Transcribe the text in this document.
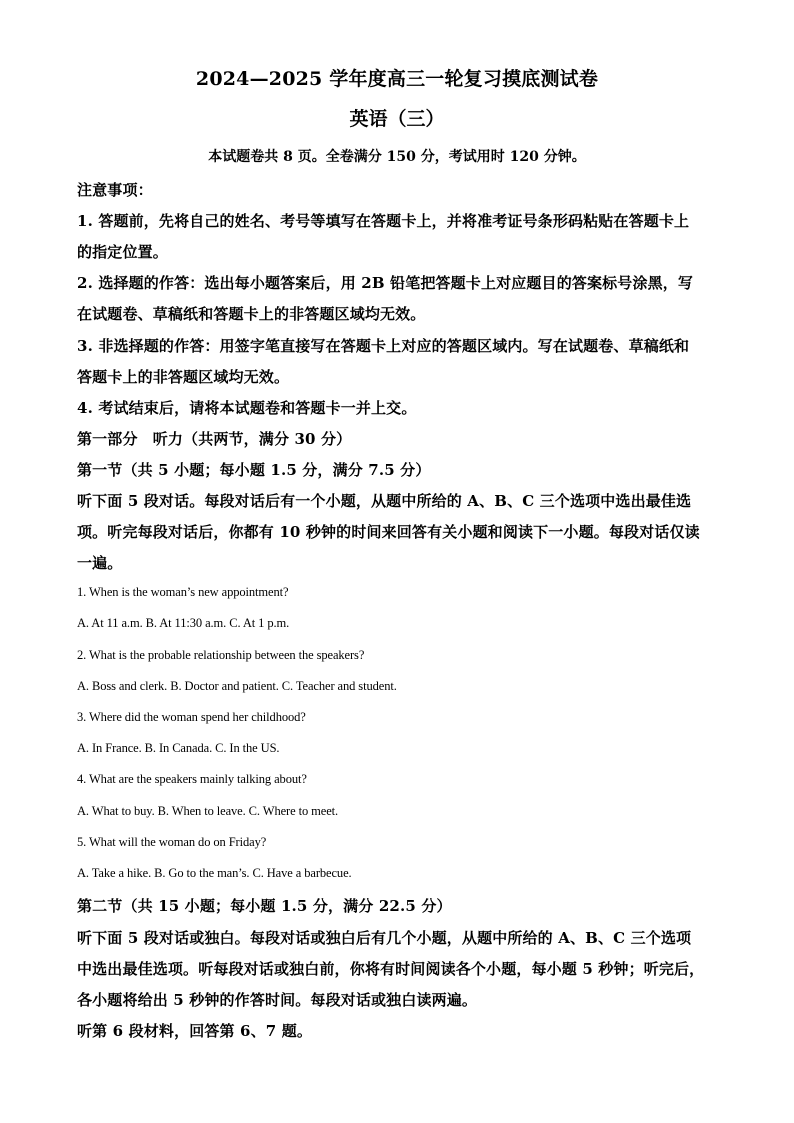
2024—2025 学年度高三一轮复习摸底测试卷
英语（三）
本试题卷共 8 页。全卷满分 150 分，考试用时 120 分钟。
注意事项：
1. 答题前，先将自己的姓名、考号等填写在答题卡上，并将准考证号条形码粘贴在答题卡上
的指定位置。
2. 选择题的作答：选出每小题答案后，用 2B 铅笔把答题卡上对应题目的答案标号涂黑，写
在试题卷、草稿纸和答题卡上的非答题区域均无效。
3. 非选择题的作答：用签字笔直接写在答题卡上对应的答题区域内。写在试题卷、草稿纸和
答题卡上的非答题区域均无效。
4. 考试结束后，请将本试题卷和答题卡一并上交。
第一部分　听力（共两节，满分 30 分）
第一节（共 5 小题；每小题 1.5 分，满分 7.5 分）
听下面 5 段对话。每段对话后有一个小题，从题中所给的 A、B、C 三个选项中选出最佳选
项。听完每段对话后，你都有 10 秒钟的时间来回答有关小题和阅读下一小题。每段对话仅读
一遍。
1. When is the woman’s new appointment?
A. At 11 a.m. B. At 11:30 a.m. C. At 1 p.m.
2. What is the probable relationship between the speakers?
A. Boss and clerk. B. Doctor and patient. C. Teacher and student.
3. Where did the woman spend her childhood?
A. In France. B. In Canada. C. In the US.
4. What are the speakers mainly talking about?
A. What to buy. B. When to leave. C. Where to meet.
5. What will the woman do on Friday?
A. Take a hike. B. Go to the man’s. C. Have a barbecue.
第二节（共 15 小题；每小题 1.5 分，满分 22.5 分）
听下面 5 段对话或独白。每段对话或独白后有几个小题，从题中所给的 A、B、C 三个选项
中选出最佳选项。听每段对话或独白前，你将有时间阅读各个小题，每小题 5 秒钟；听完后，
各小题将给出 5 秒钟的作答时间。每段对话或独白读两遍。
听第 6 段材料，回答第 6、7 题。
